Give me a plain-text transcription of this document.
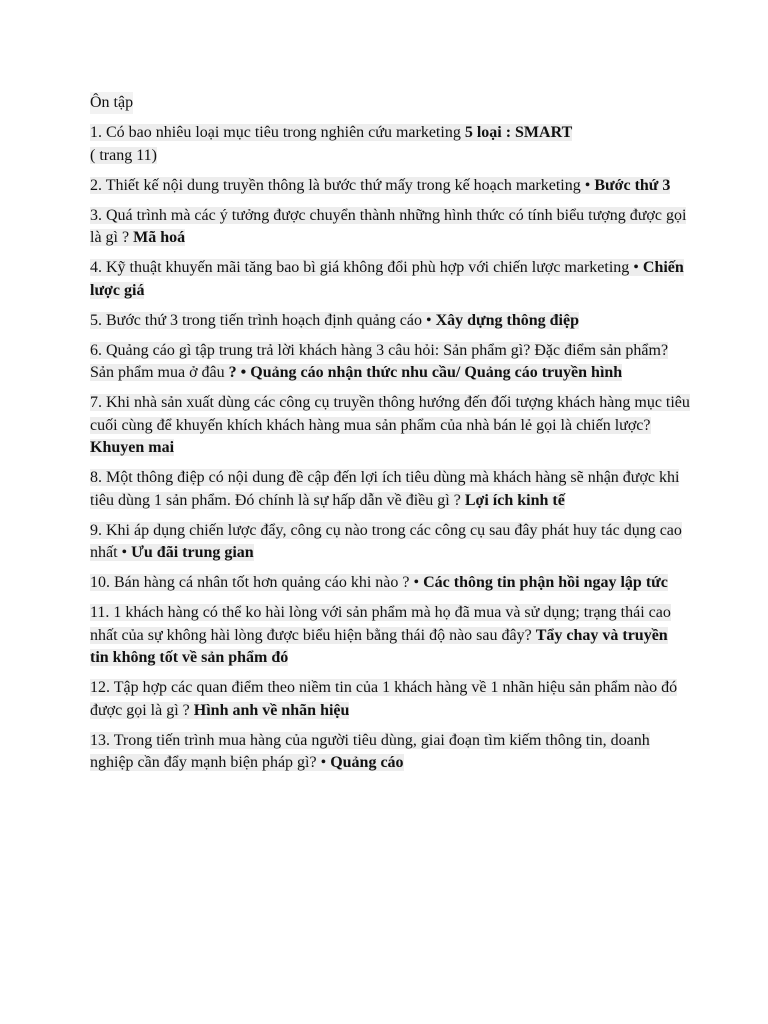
Ôn tập
1. Có bao nhiêu loại mục tiêu trong nghiên cứu marketing 5 loại : SMART
( trang 11)
2. Thiết kế nội dung truyền thông là bước thứ mấy trong kế hoạch marketing • Bước thứ 3
3. Quá trình mà các ý tưởng được chuyển thành những hình thức có tính biểu tượng được gọi là gì ? Mã hoá
4. Kỹ thuật khuyến mãi tăng bao bì giá không đổi phù hợp với chiến lược marketing • Chiến lược giá
5. Bước thứ 3 trong tiến trình hoạch định quảng cáo • Xây dựng thông điệp
6. Quảng cáo gì tập trung trả lời khách hàng 3 câu hỏi: Sản phẩm gì? Đặc điểm sản phẩm? Sản phẩm mua ở đâu ? • Quảng cáo nhận thức nhu cầu/ Quảng cáo truyền hình
7. Khi nhà sản xuất dùng các công cụ truyền thông hướng đến đối tượng khách hàng mục tiêu cuối cùng để khuyến khích khách hàng mua sản phẩm của nhà bán lẻ gọi là chiến lược? Khuyen mai
8. Một thông điệp có nội dung đề cập đến lợi ích tiêu dùng mà khách hàng sẽ nhận được khi tiêu dùng 1 sản phẩm. Đó chính là sự hấp dẫn về điều gì ? Lợi ích kinh tế
9. Khi áp dụng chiến lược đẩy, công cụ nào trong các công cụ sau đây phát huy tác dụng cao nhất • Ưu đãi trung gian
10. Bán hàng cá nhân tốt hơn quảng cáo khi nào ? • Các thông tin phận hồi ngay lập tức
11. 1 khách hàng có thể ko hài lòng với sản phẩm mà họ đã mua và sử dụng; trạng thái cao nhất của sự không hài lòng được biểu hiện bằng thái độ nào sau đây? Tẩy chay và truyền tin không tốt về sản phẩm đó
12. Tập hợp các quan điểm theo niềm tin của 1 khách hàng về 1 nhãn hiệu sản phẩm nào đó được gọi là gì ? Hình anh về nhãn hiệu
13. Trong tiến trình mua hàng của người tiêu dùng, giai đoạn tìm kiếm thông tin, doanh nghiệp cần đẩy mạnh biện pháp gì? • Quảng cáo
